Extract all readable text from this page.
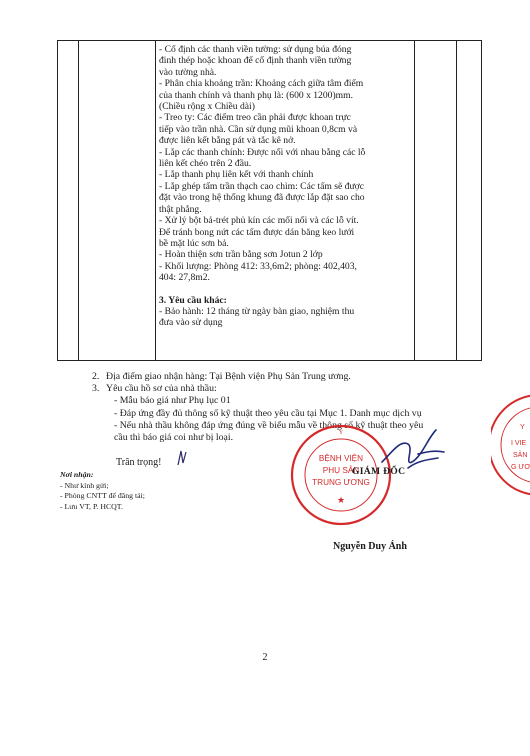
- Cố định các thanh viền tường: sử dụng búa đóng

đinh thép hoặc khoan để cố định thanh viền tường

vào tường nhà.

- Phân chia khoảng trần: Khoảng cách giữa tâm điểm

của thanh chính và thanh phụ là: (600 x 1200)mm.

(Chiều rộng x Chiều dài)

- Treo ty: Các điểm treo cần phải được khoan trực

tiếp vào trần nhà. Cần sử dụng mũi khoan 0,8cm và

được liên kết bằng pát và tắc kê nở.

- Lắp các thanh chính: Được nối với nhau bằng các lỗ

liên kết chéo trên 2 đầu.

- Lắp thanh phụ liên kết với thanh chính

- Lắp ghép tấm trần thạch cao chìm: Các tấm sẽ được

đặt vào trong hệ thống khung đã được lắp đặt sao cho

thật phẳng.

- Xử lý bột bả-trét phủ kín các mối nối và các lỗ vít.

Để tránh bong nứt các tấm được dán băng keo lưới

bề mặt lúc sơn bả.

- Hoàn thiện sơn trần bằng sơn Jotun 2 lớp

- Khối lượng: Phòng 412: 33,6m2; phòng: 402,403,

404: 27,8m2.

3. Yêu cầu khác:

- Bảo hành: 12 tháng từ ngày bàn giao, nghiệm thu

đưa vào sử dụng

2. Địa điểm giao nhận hàng: Tại Bệnh viện Phụ Sản Trung ương.

3. Yêu cầu hồ sơ của nhà thầu:

- Mẫu báo giá như Phụ lục 01

- Đáp ứng đầy đủ thông số kỹ thuật theo yêu cầu tại Mục 1. Danh mục dịch vụ

- Nếu nhà thầu không đáp ứng đúng về biểu mẫu về thông số kỹ thuật theo yêu

cầu thì báo giá coi như bị loại.

Trân trọng!

Nơi nhận:

- Như kính gửi;

- Phòng CNTT để đăng tải;

- Lưu VT, P. HCQT.

Y
BỆNH VIỆN
PHỤ SẢN
TRUNG ƯƠNG
★
GIÁM ĐỐC
Nguyễn Duy Ánh
Y
I VIE
SẢN
G ƯƠ
2
